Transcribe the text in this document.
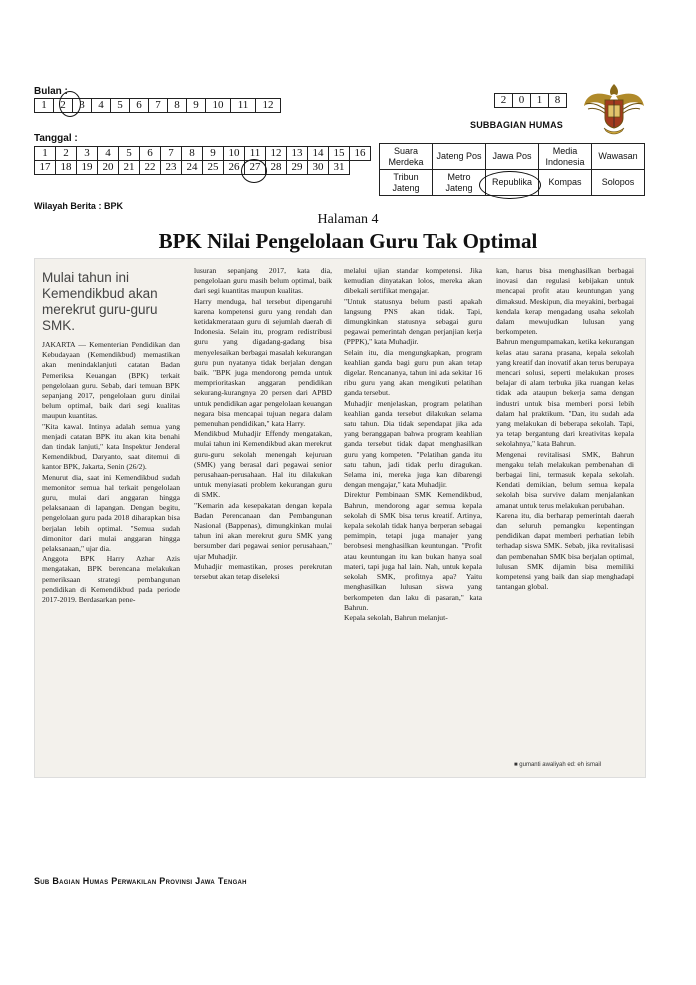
Bulan :
1	2	3	4	5	6	7	8	9	10	11	12	2	0	1	8
SUBBAGIAN HUMAS
Tanggal :
1	2	3	4	5	6	7	8	9	10	11	12	13	14	15	16
17	18	19	20	21	22	23	24	25	26	27	28	29	30	31	
Suara Merdeka	Jateng Pos	Jawa Pos	Media Indonesia	Wawasan
Tribun Jateng	Metro Jateng	Republika	Kompas	Solopos
Wilayah Berita : BPK
Halaman 4
BPK Nilai Pengelolaan Guru Tak Optimal
Mulai tahun ini Kemendikbud akan merekrut guru-guru SMK.
JAKARTA — Kementerian Pendidikan dan Kebudayaan (Kemendikbud) memastikan akan menindaklanjuti catatan Badan Pemeriksa Keuangan (BPK) terkait pengelolaan guru. Sebab, dari temuan BPK sepanjang 2017, pengelolaan guru dinilai belum optimal, baik dari segi kualitas maupun kuantitas.
"Kita kawal. Intinya adalah semua yang menjadi catatan BPK itu akan kita benahi dan tindak lanjuti," kata Inspektur Jenderal Kemendikbud, Daryanto, saat ditemui di kantor BPK, Jakarta, Senin (26/2).
Menurut dia, saat ini Kemendikbud sudah memonitor semua hal terkait pengelolaan guru, mulai dari anggaran hingga pelaksanaan di lapangan. Dengan begitu, pengelolaan guru pada 2018 diharapkan bisa berjalan lebih optimal. "Semua sudah dimonitor dari mulai anggaran hingga pelaksanaan," ujar dia.
Anggota BPK Harry Azhar Azis mengatakan, BPK berencana melakukan pemeriksaan strategi pembangunan pendidikan di Kemendikbud pada periode 2017-2019. Berdasarkan pene-
lusuran sepanjang 2017, kata dia, pengelolaan guru masih belum optimal, baik dari segi kuantitas maupun kualitas.
Harry menduga, hal tersebut dipengaruhi karena kompetensi guru yang rendah dan ketidakmerataan guru di sejumlah daerah di Indonesia. Selain itu, program redistribusi guru yang digadang-gadang bisa menyelesaikan berbagai masalah kekurangan guru pun nyatanya tidak berjalan dengan baik. "BPK juga mendorong pemda untuk memprioritaskan anggaran pendidikan sekurang-kurangnya 20 persen dari APBD untuk pendidikan agar pengelolaan keuangan negara bisa mencapai tujuan negara dalam pemenuhan pendidikan," kata Harry.
Mendikbud Muhadjir Effendy mengatakan, mulai tahun ini Kemendikbud akan merekrut guru-guru sekolah menengah kejuruan (SMK) yang berasal dari pegawai senior perusahaan-perusahaan. Hal itu dilakukan untuk menyiasati problem kekurangan guru di SMK.
"Kemarin ada kesepakatan dengan kepala Badan Perencanaan dan Pembangunan Nasional (Bappenas), dimungkinkan mulai tahun ini akan merekrut guru SMK yang bersumber dari pegawai senior perusahaan," ujar Muhadjir.
Muhadjir memastikan, proses perekrutan tersebut akan tetap diseleksi
melalui ujian standar kompetensi. Jika kemudian dinyatakan lolos, mereka akan dibekali sertifikat mengajar.
"Untuk statusnya belum pasti apakah langsung PNS akan tidak. Tapi, dimungkinkan statusnya sebagai guru pegawai pemerintah dengan perjanjian kerja (PPPK)," kata Muhadjir.
Selain itu, dia mengungkapkan, program keahlian ganda bagi guru pun akan tetap digelar. Rencananya, tahun ini ada sekitar 16 ribu guru yang akan mengikuti pelatihan ganda tersebut.
Muhadjir menjelaskan, program pelatihan keahlian ganda tersebut dilakukan selama satu tahun. Dia tidak sependapat jika ada yang beranggapan bahwa program keahlian ganda tersebut tidak dapat menghasilkan guru yang kompeten. "Pelatihan ganda itu satu tahun, jadi tidak perlu diragukan. Selama ini, mereka juga kan dibarengi dengan mengajar," kata Muhadjir.
Direktur Pembinaan SMK Kemendikbud, Bahrun, mendorong agar semua kepala sekolah di SMK bisa terus kreatif. Artinya, kepala sekolah tidak hanya berperan sebagai pemimpin, tetapi juga manajer yang berobsesi menghasilkan keuntungan. "Profit atau keuntungan itu kan bukan hanya soal materi, tapi juga hal lain. Nah, untuk kepala sekolah SMK, profitnya apa? Yaitu menghasilkan lulusan siswa yang berkompeten dan laku di pasaran," kata Bahrun.
Kepala sekolah, Bahrun melanjut-
kan, harus bisa menghasilkan berbagai inovasi dan regulasi kebijakan untuk mencapai profit atau keuntungan yang dimaksud. Meskipun, dia meyakini, berbagai kendala kerap mengadang usaha sekolah dalam mewujudkan lulusan yang berkompeten.
Bahrun mengumpamakan, ketika kekurangan kelas atau sarana prasana, kepala sekolah yang kreatif dan inovatif akan terus berupaya mencari solusi, seperti melakukan proses belajar di alam terbuka jika ruangan kelas tidak ada ataupun bekerja sama dengan industri untuk bisa memberi porsi lebih dalam hal praktikum. "Dan, itu sudah ada yang melakukan di beberapa sekolah. Tapi, ya tetap bergantung dari kreativitas kepala sekolahnya," kata Bahrun.
Mengenai revitalisasi SMK, Bahrun mengaku telah melakukan pembenahan di berbagai lini, termasuk kepala sekolah. Kendati demikian, belum semua kepala sekolah bisa survive dalam menjalankan amanat untuk terus melakukan perubahan.
Karena itu, dia berharap pemerintah daerah dan seluruh pemangku kepentingan pendidikan dapat memberi perhatian lebih terhadap siswa SMK. Sebab, jika revitalisasi dan pembenahan SMK bisa berjalan optimal, lulusan SMK dijamin bisa memiliki kompetensi yang baik dan siap menghadapi tantangan global.
■ gumanti awaliyah ed: eh ismail
Sub Bagian Humas Perwakilan Provinsi Jawa Tengah
